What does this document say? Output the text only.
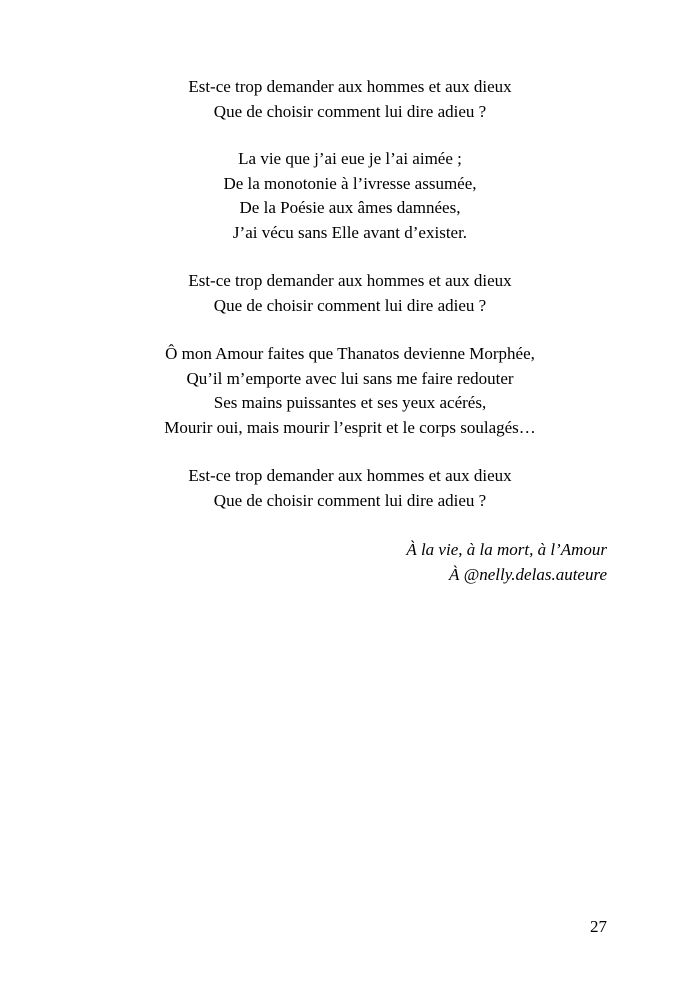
Est-ce trop demander aux hommes et aux dieux
Que de choisir comment lui dire adieu ?
La vie que j’ai eue je l’ai aimée ;
De la monotonie à l’ivresse assumée,
De la Poésie aux âmes damnées,
J’ai vécu sans Elle avant d’exister.
Est-ce trop demander aux hommes et aux dieux
Que de choisir comment lui dire adieu ?
Ô mon Amour faites que Thanatos devienne Morphée,
Qu’il m’emporte avec lui sans me faire redouter
Ses mains puissantes et ses yeux acérés,
Mourir oui, mais mourir l’esprit et le corps soulagés…
Est-ce trop demander aux hommes et aux dieux
Que de choisir comment lui dire adieu ?
À la vie, à la mort, à l’Amour
À @nelly.delas.auteure
27
